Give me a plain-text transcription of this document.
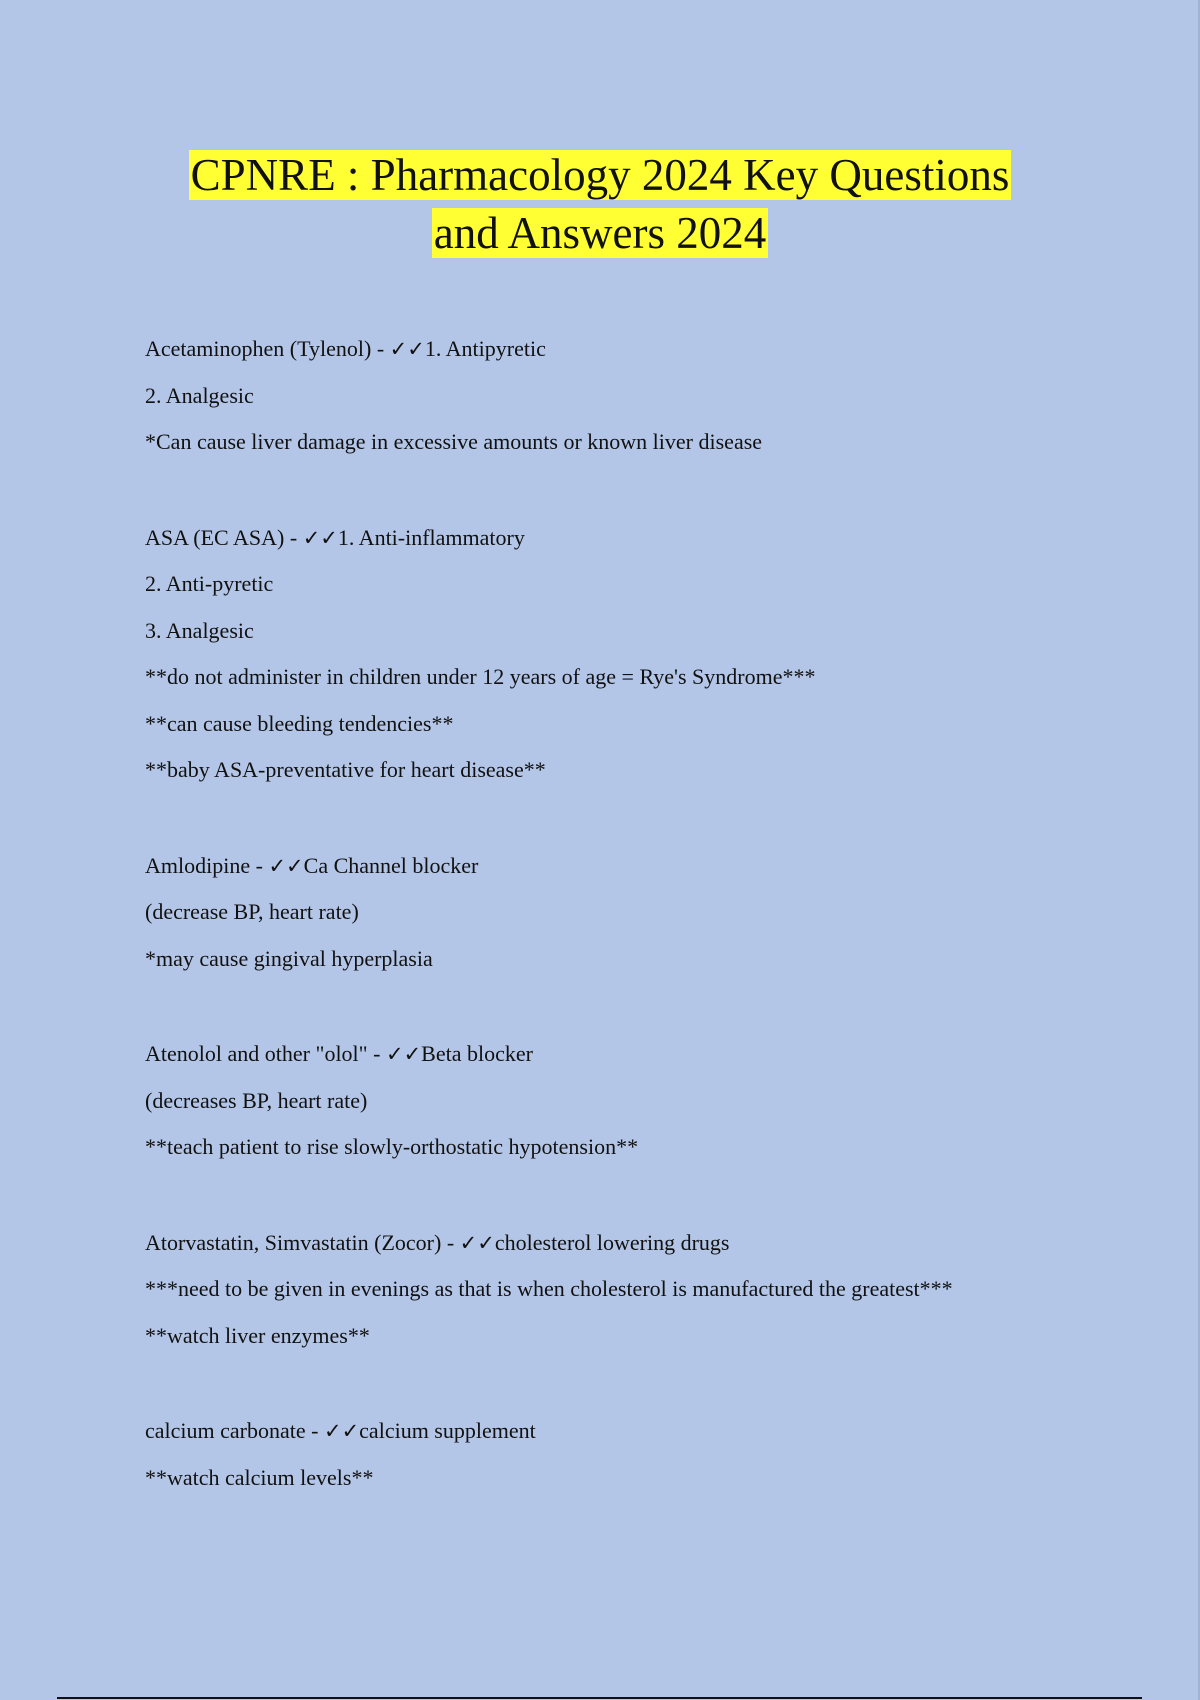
CPNRE : Pharmacology 2024 Key Questions
and Answers 2024
Acetaminophen (Tylenol) - ✓✓1. Antipyretic
2. Analgesic
*Can cause liver damage in excessive amounts or known liver disease
ASA (EC ASA) - ✓✓1. Anti-inflammatory
2. Anti-pyretic
3. Analgesic
**do not administer in children under 12 years of age = Rye's Syndrome***
**can cause bleeding tendencies**
**baby ASA-preventative for heart disease**
Amlodipine - ✓✓Ca Channel blocker
(decrease BP, heart rate)
*may cause gingival hyperplasia
Atenolol and other "olol" - ✓✓Beta blocker
(decreases BP, heart rate)
**teach patient to rise slowly-orthostatic hypotension**
Atorvastatin, Simvastatin (Zocor) - ✓✓cholesterol lowering drugs
***need to be given in evenings as that is when cholesterol is manufactured the greatest***
**watch liver enzymes**
calcium carbonate - ✓✓calcium supplement
**watch calcium levels**
